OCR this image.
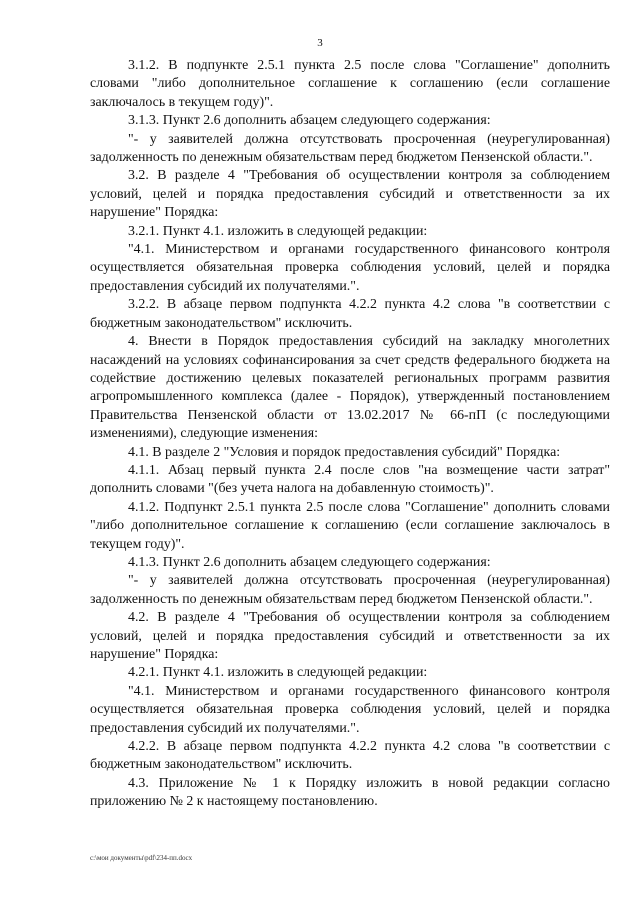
3

3.1.2. В подпункте 2.5.1 пункта 2.5 после слова "Соглашение" дополнить словами "либо дополнительное соглашение к соглашению (если соглашение заключалось в текущем году)".

3.1.3. Пункт 2.6 дополнить абзацем следующего содержания:

"- у заявителей должна отсутствовать просроченная (неурегулированная) задолженность по денежным обязательствам перед бюджетом Пензенской области.".

3.2. В разделе 4 "Требования об осуществлении контроля за соблюдением условий, целей и порядка предоставления субсидий и ответственности за их нарушение" Порядка:

3.2.1. Пункт 4.1. изложить в следующей редакции:

"4.1. Министерством и органами государственного финансового контроля осуществляется обязательная проверка соблюдения условий, целей и порядка предоставления субсидий их получателями.".

3.2.2. В абзаце первом подпункта 4.2.2 пункта 4.2 слова "в соответствии с бюджетным законодательством" исключить.

4. Внести в Порядок предоставления субсидий на закладку многолетних насаждений на условиях софинансирования за счет средств федерального бюджета на содействие достижению целевых показателей региональных программ развития агропромышленного комплекса (далее - Порядок), утвержденный постановлением Правительства Пензенской области от 13.02.2017 № 66-пП (с последующими изменениями), следующие изменения:

4.1. В разделе 2 "Условия и порядок предоставления субсидий" Порядка:

4.1.1. Абзац первый пункта 2.4 после слов "на возмещение части затрат" дополнить словами "(без учета налога на добавленную стоимость)".

4.1.2. Подпункт 2.5.1 пункта 2.5 после слова "Соглашение" дополнить словами "либо дополнительное соглашение к соглашению (если соглашение заключалось в текущем году)".

4.1.3. Пункт 2.6 дополнить абзацем следующего содержания:

"- у заявителей должна отсутствовать просроченная (неурегулированная) задолженность по денежным обязательствам перед бюджетом Пензенской области.".

4.2. В разделе 4 "Требования об осуществлении контроля за соблюдением условий, целей и порядка предоставления субсидий и ответственности за их нарушение" Порядка:

4.2.1. Пункт 4.1. изложить в следующей редакции:

"4.1. Министерством и органами государственного финансового контроля осуществляется обязательная проверка соблюдения условий, целей и порядка предоставления субсидий их получателями.".

4.2.2. В абзаце первом подпункта 4.2.2 пункта 4.2 слова "в соответствии с бюджетным законодательством" исключить.

4.3. Приложение № 1 к Порядку изложить в новой редакции согласно приложению № 2 к настоящему постановлению.

c:\мои документы\pdf\234-пп.docx
